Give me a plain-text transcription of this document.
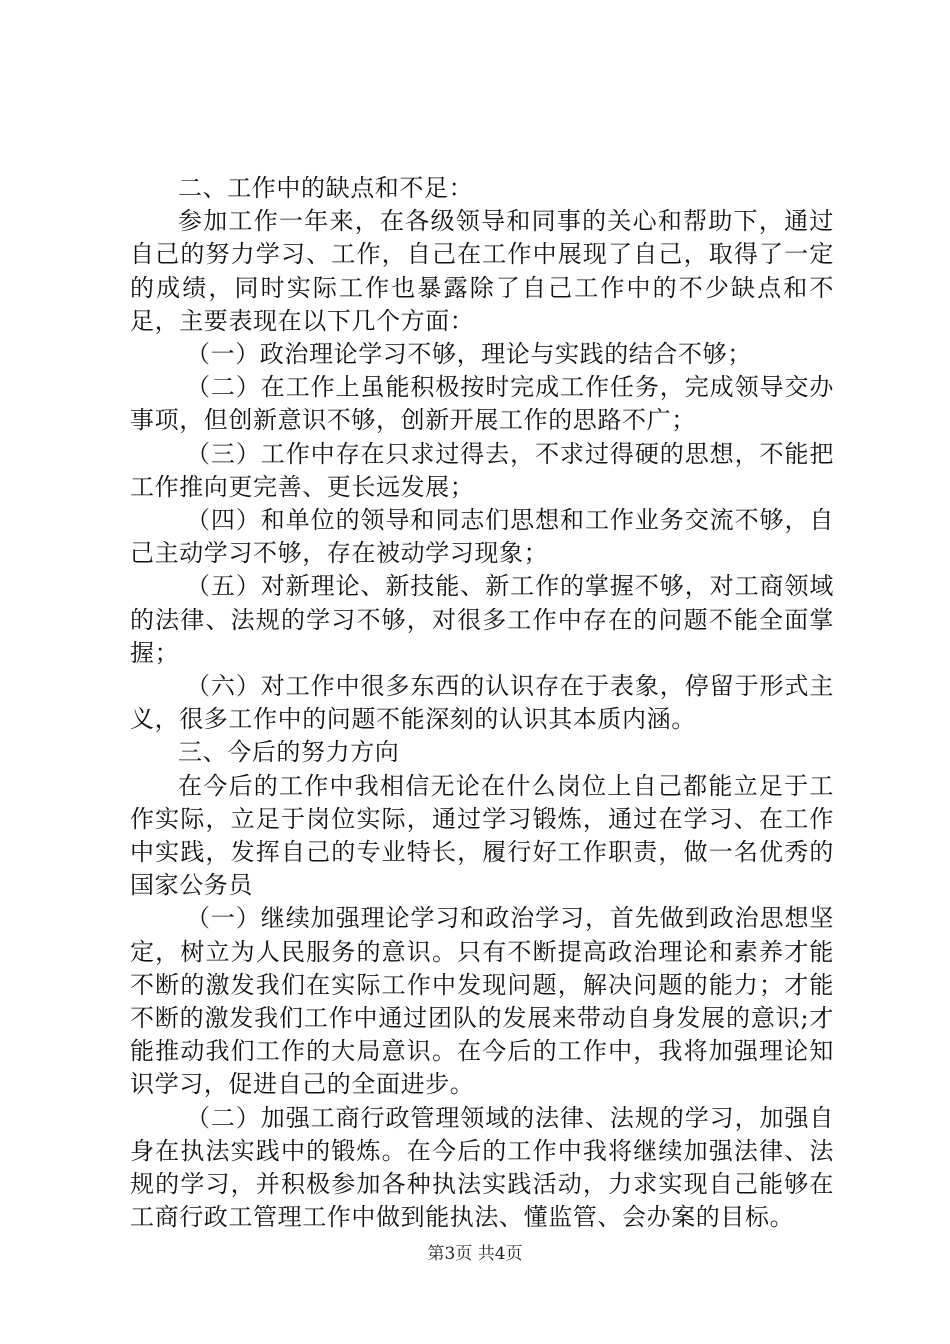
二、工作中的缺点和不足：

参加工作一年来，在各级领导和同事的关心和帮助下，通过自己的努力学习、工作，自己在工作中展现了自己，取得了一定的成绩，同时实际工作也暴露除了自己工作中的不少缺点和不足，主要表现在以下几个方面：

（一）政治理论学习不够，理论与实践的结合不够；

（二）在工作上虽能积极按时完成工作任务，完成领导交办事项，但创新意识不够，创新开展工作的思路不广；

（三）工作中存在只求过得去，不求过得硬的思想，不能把工作推向更完善、更长远发展；

（四）和单位的领导和同志们思想和工作业务交流不够，自己主动学习不够，存在被动学习现象；

（五）对新理论、新技能、新工作的掌握不够，对工商领域的法律、法规的学习不够，对很多工作中存在的问题不能全面掌握；

（六）对工作中很多东西的认识存在于表象，停留于形式主义，很多工作中的问题不能深刻的认识其本质内涵。

三、今后的努力方向

在今后的工作中我相信无论在什么岗位上自己都能立足于工作实际，立足于岗位实际，通过学习锻炼，通过在学习、在工作中实践，发挥自己的专业特长，履行好工作职责，做一名优秀的国家公务员

（一）继续加强理论学习和政治学习，首先做到政治思想坚定，树立为人民服务的意识。只有不断提高政治理论和素养才能不断的激发我们在实际工作中发现问题，解决问题的能力；才能不断的激发我们工作中通过团队的发展来带动自身发展的意识;才能推动我们工作的大局意识。在今后的工作中，我将加强理论知识学习，促进自己的全面进步。

（二）加强工商行政管理领域的法律、法规的学习，加强自身在执法实践中的锻炼。在今后的工作中我将继续加强法律、法规的学习，并积极参加各种执法实践活动，力求实现自己能够在工商行政工管理工作中做到能执法、懂监管、会办案的目标。

第3页 共4页
